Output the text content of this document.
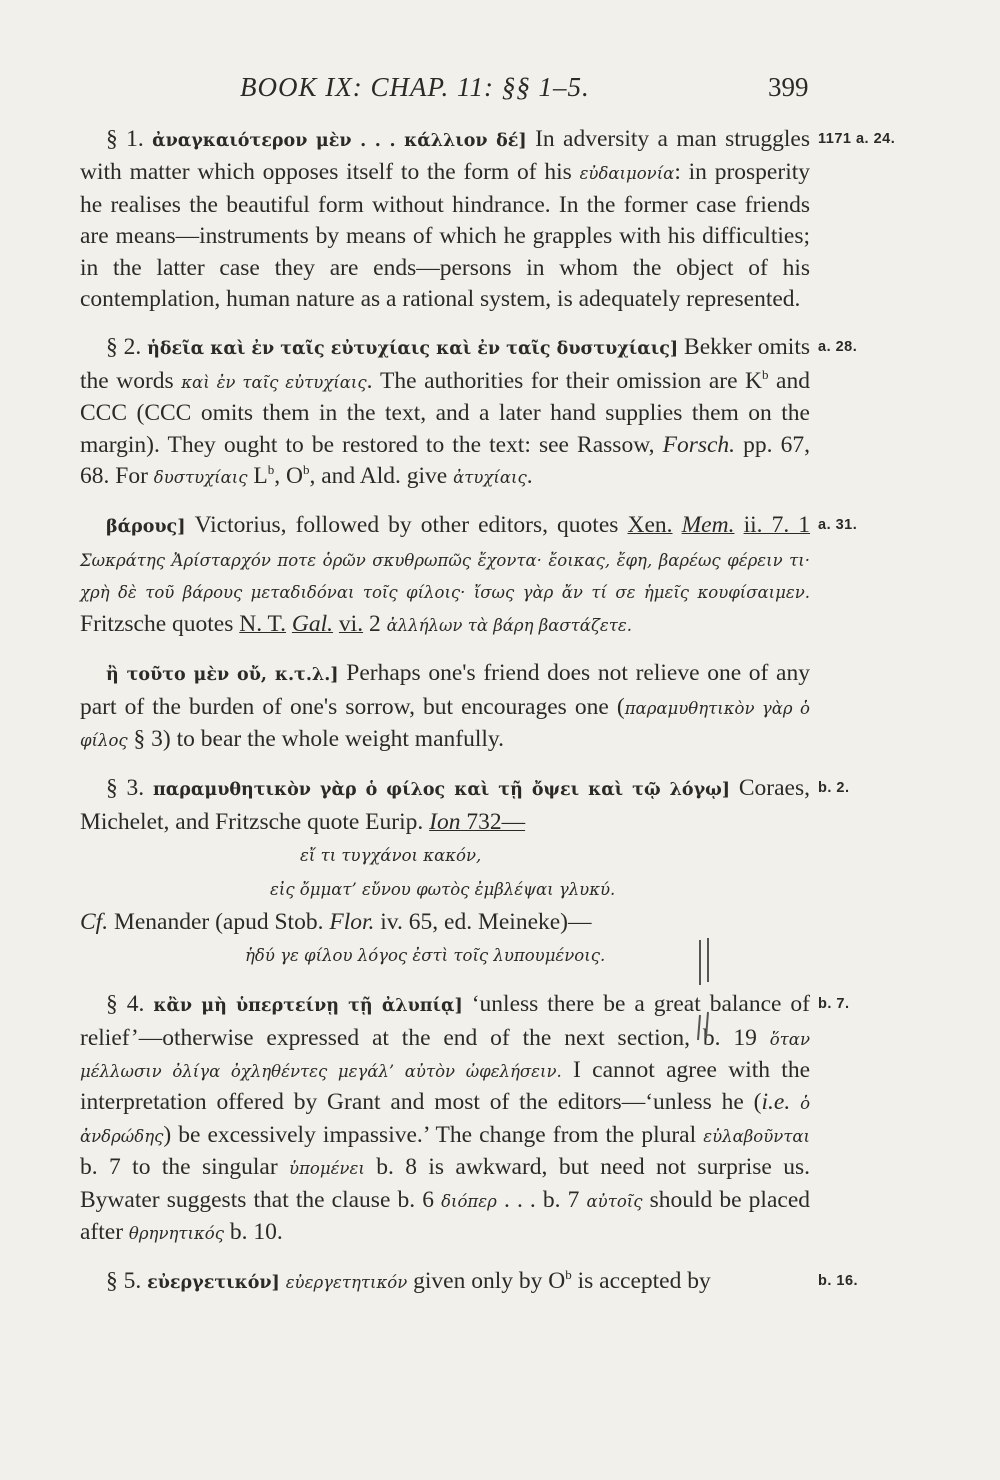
BOOK IX: CHAP. 11: §§ 1–5.	399

1171 a. 24.
§ 1. ἀναγκαιότερον μὲν . . . κάλλιον δέ] In adversity a man struggles with matter which opposes itself to the form of his εὐδαιμονία: in prosperity he realises the beautiful form without hindrance. In the former case friends are means—instruments by means of which he grapples with his difficulties; in the latter case they are ends—persons in whom the object of his contemplation, human nature as a rational system, is adequately represented.

a. 28.
§ 2. ἡδεῖα καὶ ἐν ταῖς εὐτυχίαις καὶ ἐν ταῖς δυστυχίαις] Bekker omits the words καὶ ἐν ταῖς εὐτυχίαις. The authorities for their omission are $K^b$ and CCC (CCC omits them in the text, and a later hand supplies them on the margin). They ought to be restored to the text: see Rassow, Forsch. pp. 67, 68. For δυστυχίαις $L^b$, $O^b$, and Ald. give ἀτυχίαις.

a. 31.
βάρους] Victorius, followed by other editors, quotes Xen. Mem. ii. 7. 1 Σωκράτης Ἀρίσταρχόν ποτε ὁρῶν σκυθρωπῶς ἔχοντα· ἔοικας, ἔφη, βαρέως φέρειν τι· χρὴ δὲ τοῦ βάρους μεταδιδόναι τοῖς φίλοις· ἴσως γὰρ ἄν τί σε ἡμεῖς κουφίσαιμεν. Fritzsche quotes N. T. Gal. vi. 2 ἀλλήλων τὰ βάρη βαστάζετε.

ἢ τοῦτο μὲν οὔ, κ.τ.λ.] Perhaps one's friend does not relieve one of any part of the burden of one's sorrow, but encourages one (παραμυθητικὸν γὰρ ὁ φίλος § 3) to bear the whole weight manfully.

b. 2.
§ 3. παραμυθητικὸν γὰρ ὁ φίλος καὶ τῇ ὄψει καὶ τῷ λόγῳ] Coraes, Michelet, and Fritzsche quote Eurip. Ion 732—

εἴ τι τυγχάνοι κακόν,

εἰς ὄμματ’ εὔνου φωτὸς ἐμβλέψαι γλυκύ.

Cf. Menander (apud Stob. Flor. iv. 65, ed. Meineke)—

ἡδύ γε φίλου λόγος ἐστὶ τοῖς λυπουμένοις.

b. 7.
§ 4. κἂν μὴ ὑπερτείνῃ τῇ ἀλυπίᾳ] ‘unless there be a great balance of relief’—otherwise expressed at the end of the next section, b. 19 ὅταν μέλλωσιν ὀλίγα ὀχληθέντες μεγάλ’ αὐτὸν ὠφελήσειν. I cannot agree with the interpretation offered by Grant and most of the editors—‘unless he (i.e. ὁ ἀνδρώδης) be excessively impassive.’ The change from the plural εὐλαβοῦνται b. 7 to the singular ὑπομένει b. 8 is awkward, but need not surprise us. Bywater suggests that the clause b. 6 διόπερ . . . b. 7 αὐτοῖς should be placed after θρηνητικός b. 10.

b. 16.
§ 5. εὐεργετικόν] εὐεργετητικόν given only by $O^b$ is accepted by
